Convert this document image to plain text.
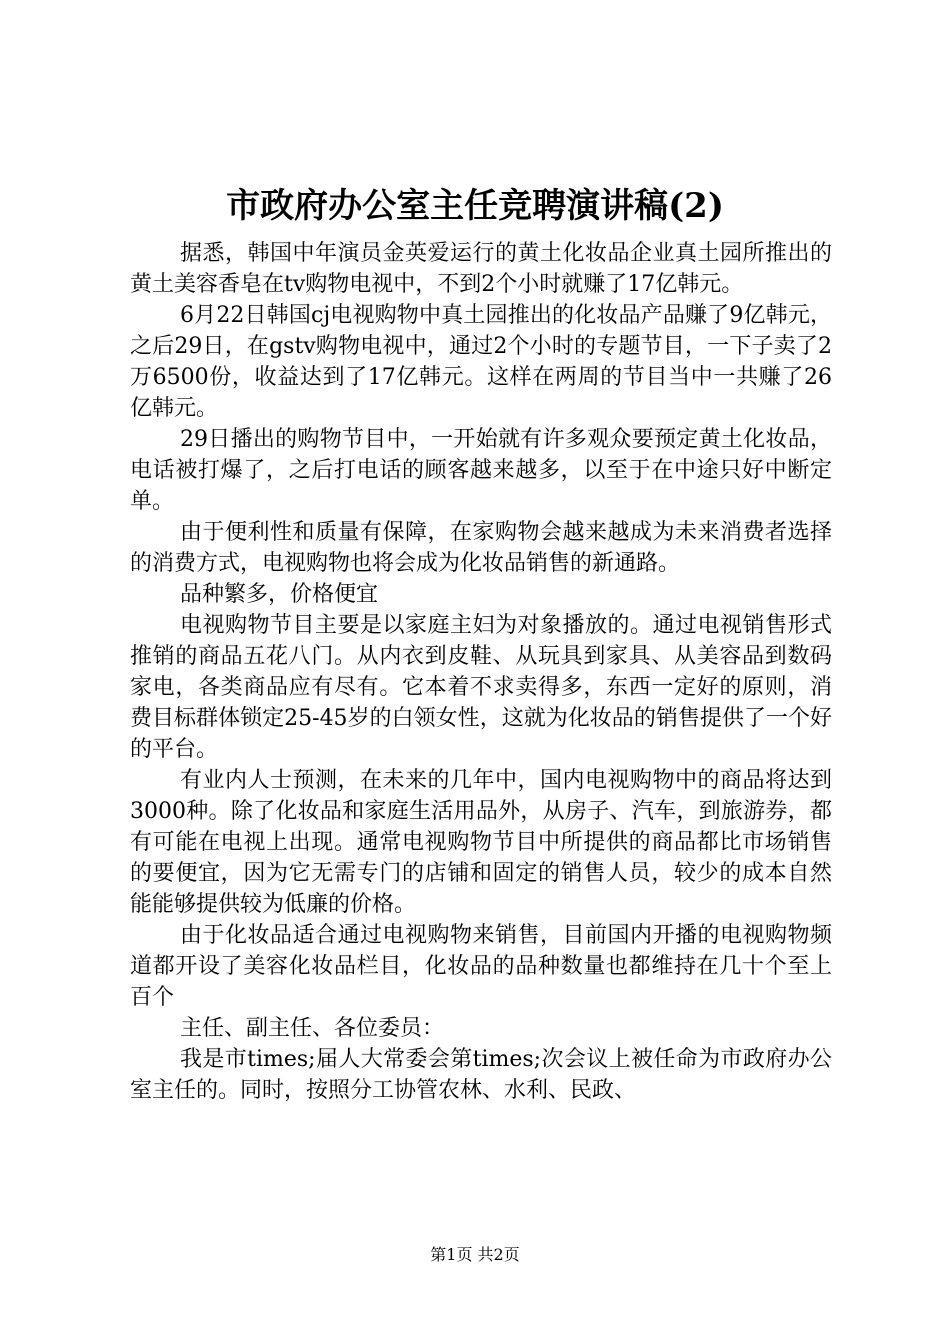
市政府办公室主任竞聘演讲稿(2)

据悉，韩国中年演员金英爱运行的黄土化妆品企业真土园所推出的黄土美容香皂在tv购物电视中，不到2个小时就赚了17亿韩元。

6月22日韩国cj电视购物中真土园推出的化妆品产品赚了9亿韩元，之后29日，在gstv购物电视中，通过2个小时的专题节目，一下子卖了2万6500份，收益达到了17亿韩元。这样在两周的节目当中一共赚了26亿韩元。

29日播出的购物节目中，一开始就有许多观众要预定黄土化妆品，电话被打爆了，之后打电话的顾客越来越多，以至于在中途只好中断定单。

由于便利性和质量有保障，在家购物会越来越成为未来消费者选择的消费方式，电视购物也将会成为化妆品销售的新通路。

品种繁多，价格便宜

电视购物节目主要是以家庭主妇为对象播放的。通过电视销售形式推销的商品五花八门。从内衣到皮鞋、从玩具到家具、从美容品到数码家电，各类商品应有尽有。它本着不求卖得多，东西一定好的原则，消费目标群体锁定25-45岁的白领女性，这就为化妆品的销售提供了一个好的平台。

有业内人士预测，在未来的几年中，国内电视购物中的商品将达到3000种。除了化妆品和家庭生活用品外，从房子、汽车，到旅游券，都有可能在电视上出现。通常电视购物节目中所提供的商品都比市场销售的要便宜，因为它无需专门的店铺和固定的销售人员，较少的成本自然能能够提供较为低廉的价格。

由于化妆品适合通过电视购物来销售，目前国内开播的电视购物频道都开设了美容化妆品栏目，化妆品的品种数量也都维持在几十个至上百个

主任、副主任、各位委员：

我是市times;届人大常委会第times;次会议上被任命为市政府办公室主任的。同时，按照分工协管农林、水利、民政、

第1页 共2页
